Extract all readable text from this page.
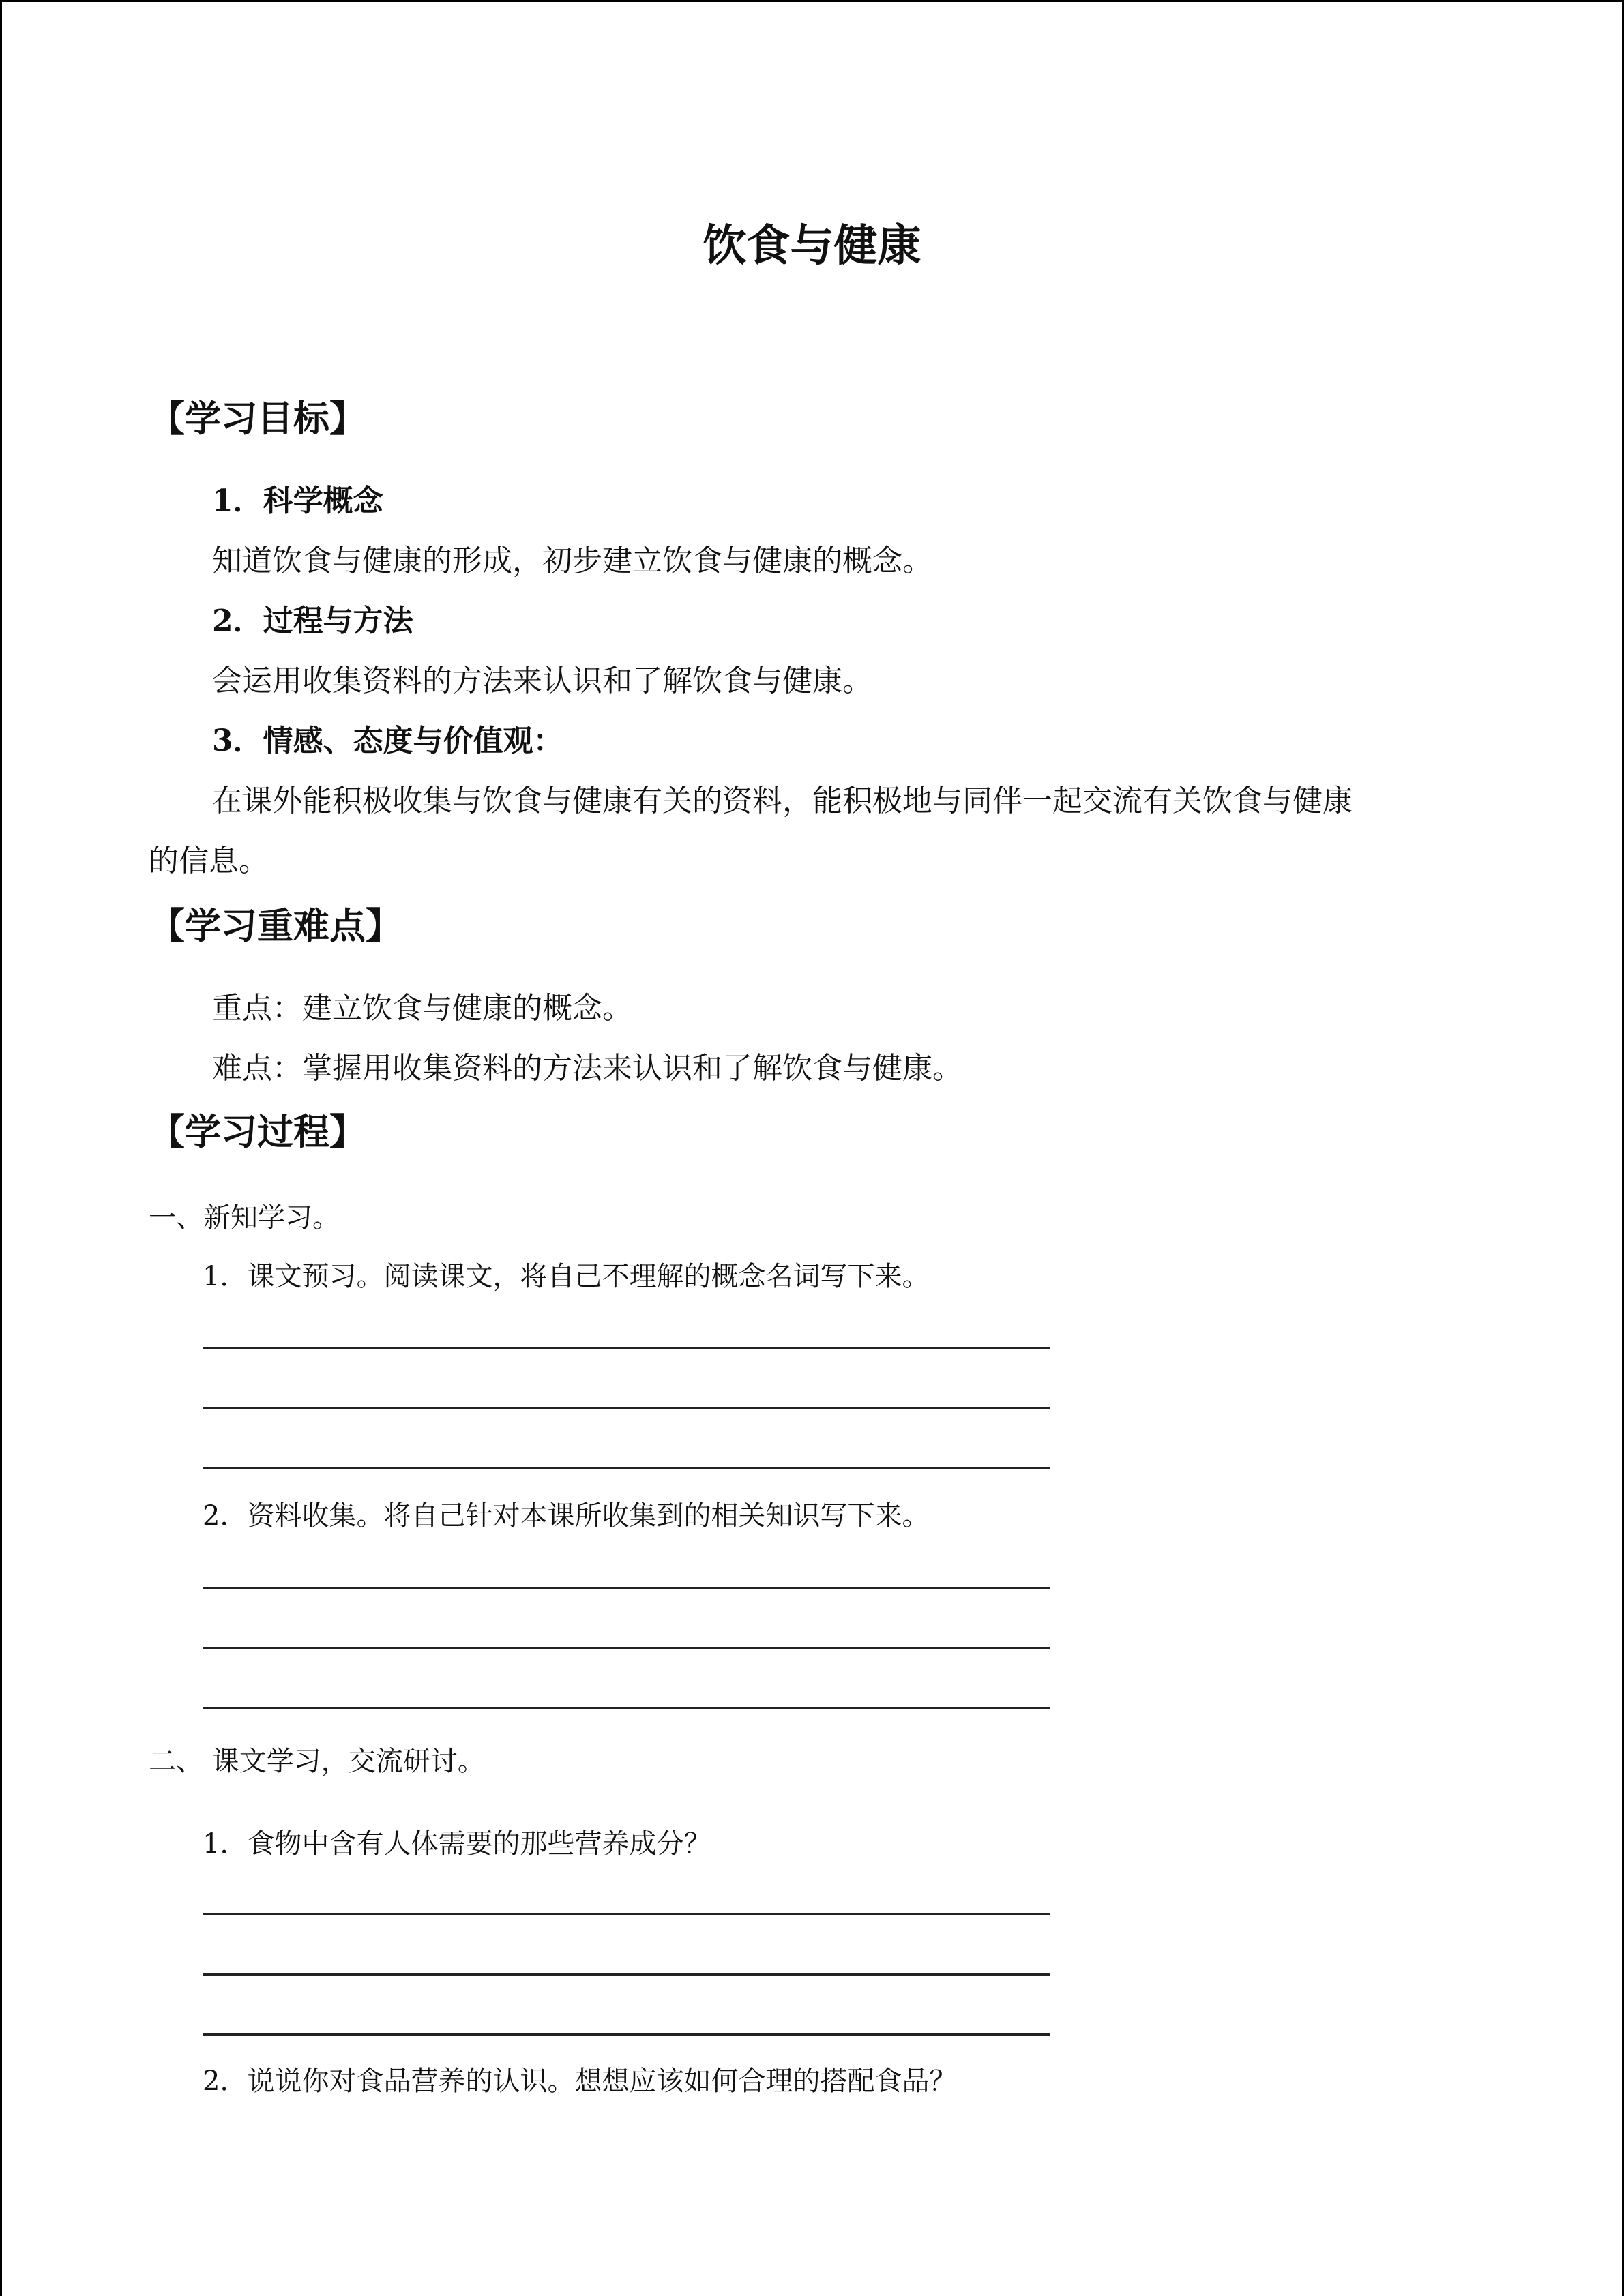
饮食与健康
【学习目标】
1．科学概念
知道饮食与健康的形成，初步建立饮食与健康的概念。
2．过程与方法
会运用收集资料的方法来认识和了解饮食与健康。
3．情感、态度与价值观：
在课外能积极收集与饮食与健康有关的资料，能积极地与同伴一起交流有关饮食与健康
的信息。
【学习重难点】
重点：建立饮食与健康的概念。
难点：掌握用收集资料的方法来认识和了解饮食与健康。
【学习过程】
一、新知学习。
1．课文预习。阅读课文，将自己不理解的概念名词写下来。
2．资料收集。将自己针对本课所收集到的相关知识写下来。
二、 课文学习，交流研讨。
1．食物中含有人体需要的那些营养成分？
2．说说你对食品营养的认识。想想应该如何合理的搭配食品？
